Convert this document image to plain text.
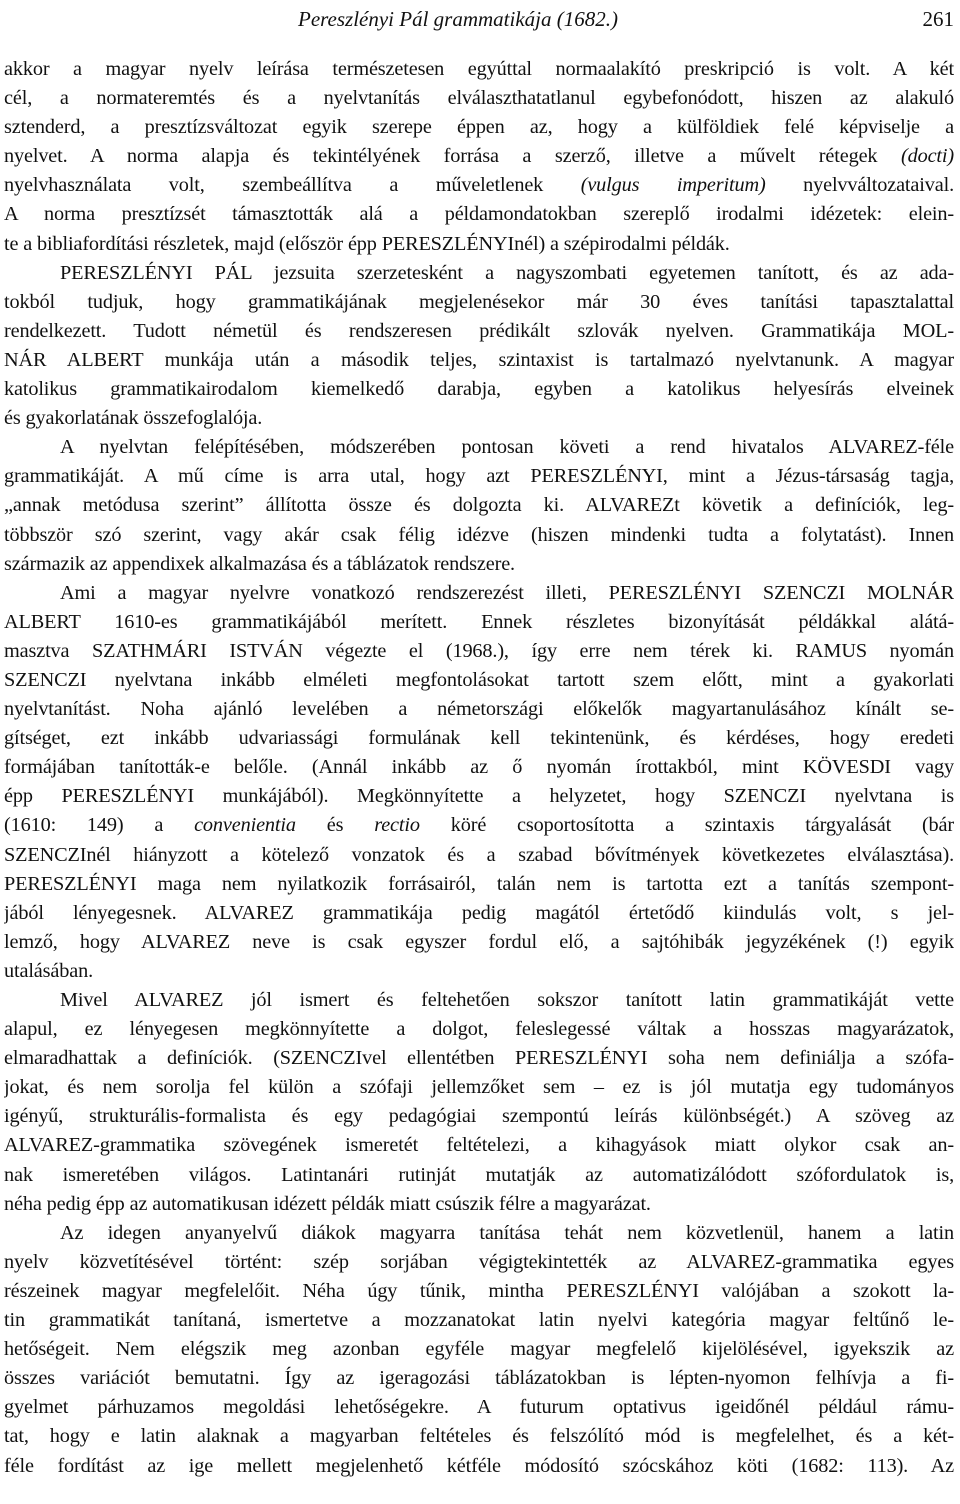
Pereszlényi Pál grammatikája (1682.)	261
akkor a magyar nyelv leírása természetesen egyúttal normaalakító preskripció is volt. A két
cél, a normateremtés és a nyelvtanítás elválaszthatatlanul egybefonódott, hiszen az alakuló
sztenderd, a presztízsváltozat egyik szerepe éppen az, hogy a külföldiek felé képviselje a
nyelvet. A norma alapja és tekintélyének forrása a szerző, illetve a művelt rétegek (docti)
nyelvhasználata volt, szembeállítva a műveletlenek (vulgus imperitum) nyelvváltozataival.
A norma presztízsét támasztották alá a példamondatokban szereplő irodalmi idézetek: elein-
te a bibliafordítási részletek, majd (először épp PERESZLÉNYInél) a szépirodalmi példák.
PERESZLÉNYI PÁL jezsuita szerzetesként a nagyszombati egyetemen tanított, és az ada-
tokból tudjuk, hogy grammatikájának megjelenésekor már 30 éves tanítási tapasztalattal
rendelkezett. Tudott németül és rendszeresen prédikált szlovák nyelven. Grammatikája MOL-
NÁR ALBERT munkája után a második teljes, szintaxist is tartalmazó nyelvtanunk. A magyar
katolikus grammatikairodalom kiemelkedő darabja, egyben a katolikus helyesírás elveinek
és gyakorlatának összefoglalója.
A nyelvtan felépítésében, módszerében pontosan követi a rend hivatalos ALVAREZ-féle
grammatikáját. A mű címe is arra utal, hogy azt PERESZLÉNYI, mint a Jézus-társaság tagja,
„annak metódusa szerint” állította össze és dolgozta ki. ALVAREZt követik a definíciók, leg-
többször szó szerint, vagy akár csak félig idézve (hiszen mindenki tudta a folytatást). Innen
származik az appendixek alkalmazása és a táblázatok rendszere.
Ami a magyar nyelvre vonatkozó rendszerezést illeti, PERESZLÉNYI SZENCZI MOLNÁR
ALBERT 1610-es grammatikájából merített. Ennek részletes bizonyítását példákkal alátá-
masztva SZATHMÁRI ISTVÁN végezte el (1968.), így erre nem térek ki. RAMUS nyomán
SZENCZI nyelvtana inkább elméleti megfontolásokat tartott szem előtt, mint a gyakorlati
nyelvtanítást. Noha ajánló levelében a németországi előkelők magyartanulásához kínált se-
gítséget, ezt inkább udvariassági formulának kell tekintenünk, és kérdéses, hogy eredeti
formájában tanították-e belőle. (Annál inkább az ő nyomán írottakból, mint KÖVESDI vagy
épp PERESZLÉNYI munkájából). Megkönnyítette a helyzetet, hogy SZENCZI nyelvtana is
(1610: 149) a convenientia és rectio köré csoportosította a szintaxis tárgyalását (bár
SZENCZInél hiányzott a kötelező vonzatok és a szabad bővítmények következetes elválasztása).
PERESZLÉNYI maga nem nyilatkozik forrásairól, talán nem is tartotta ezt a tanítás szempont-
jából lényegesnek. ALVAREZ grammatikája pedig magától értetődő kiindulás volt, s jel-
lemző, hogy ALVAREZ neve is csak egyszer fordul elő, a sajtóhibák jegyzékének (!) egyik
utalásában.
Mivel ALVAREZ jól ismert és feltehetően sokszor tanított latin grammatikáját vette
alapul, ez lényegesen megkönnyítette a dolgot, feleslegessé váltak a hosszas magyarázatok,
elmaradhattak a definíciók. (SZENCZIvel ellentétben PERESZLÉNYI soha nem definiálja a szófa-
jokat, és nem sorolja fel külön a szófaji jellemzőket sem – ez is jól mutatja egy tudományos
igényű, strukturális-formalista és egy pedagógiai szempontú leírás különbségét.) A szöveg az
ALVAREZ-grammatika szövegének ismeretét feltételezi, a kihagyások miatt olykor csak an-
nak ismeretében világos. Latintanári rutinját mutatják az automatizálódott szófordulatok is,
néha pedig épp az automatikusan idézett példák miatt csúszik félre a magyarázat.
Az idegen anyanyelvű diákok magyarra tanítása tehát nem közvetlenül, hanem a latin
nyelv közvetítésével történt: szép sorjában végigtekintették az ALVAREZ-grammatika egyes
részeinek magyar megfelelőit. Néha úgy tűnik, mintha PERESZLÉNYI valójában a szokott la-
tin grammatikát tanítaná, ismertetve a mozzanatokat latin nyelvi kategória magyar feltűnő le-
hetőségeit. Nem elégszik meg azonban egyféle magyar megfelelő kijelölésével, igyekszik az
összes variációt bemutatni. Így az igeragozási táblázatokban is lépten-nyomon felhívja a fi-
gyelmet párhuzamos megoldási lehetőségekre. A futurum optativus igeidőnél például rámu-
tat, hogy e latin alaknak a magyarban feltételes és felszólító mód is megfelelhet, és a két-
féle fordítást az ige mellett megjelenhető kétféle módosító szócskához köti (1682: 113). Az
